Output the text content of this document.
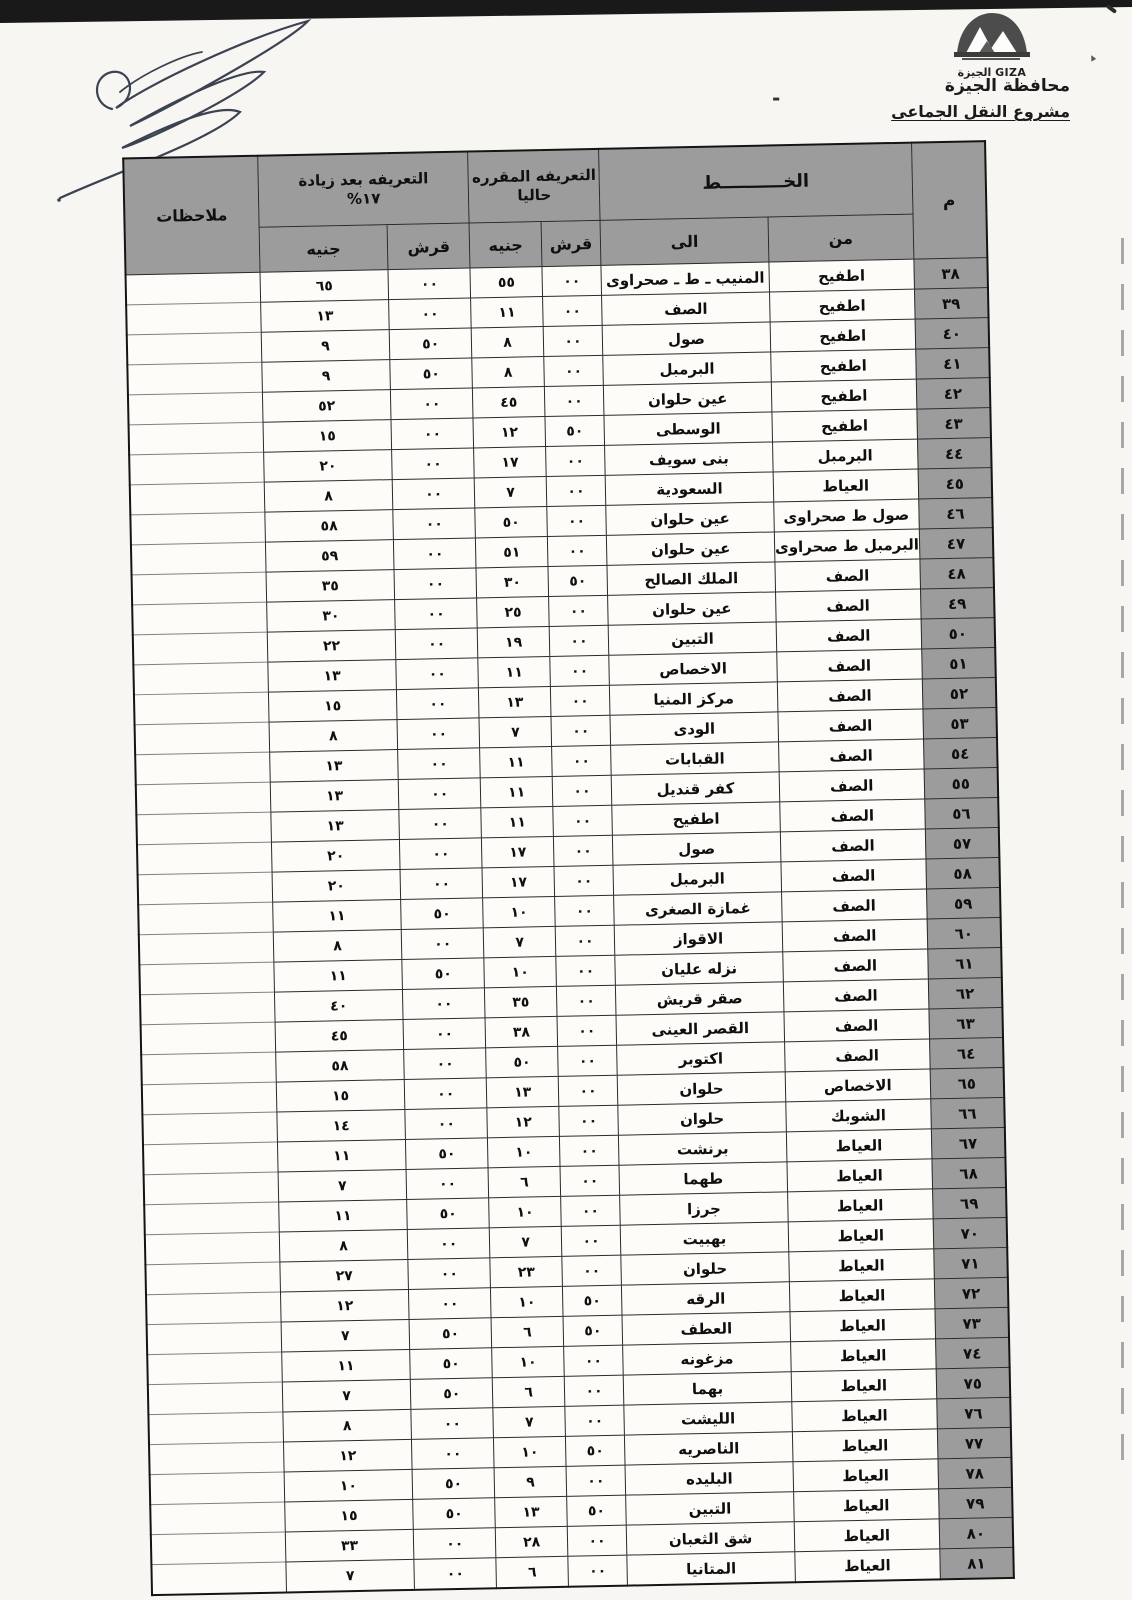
الجيزة GIZA
محافظة الجيزة
مشروع النقل الجماعى
-
م	الخــــــــــط		التعريفه المقرره حاليا		التعريفه بعد زيادة
%١٧		ملاحظات
	من	الى	قرش	جنيه	قرش	جنيه	
٣٨	اطفيح	المنيب ـ ط ـ صحراوى	٠٠	٥٥	٠٠	٦٥	
٣٩	اطفيح	الصف	٠٠	١١	٠٠	١٣	
٤٠	اطفيح	صول	٠٠	٨	٥٠	٩	
٤١	اطفيح	البرمبل	٠٠	٨	٥٠	٩	
٤٢	اطفيح	عين حلوان	٠٠	٤٥	٠٠	٥٢	
٤٣	اطفيح	الوسطى	٥٠	١٢	٠٠	١٥	
٤٤	البرمبل	بنى سويف	٠٠	١٧	٠٠	٢٠	
٤٥	العياط	السعودية	٠٠	٧	٠٠	٨	
٤٦	صول ط صحراوى	عين حلوان	٠٠	٥٠	٠٠	٥٨	
٤٧	البرمبل ط صحراوى	عين حلوان	٠٠	٥١	٠٠	٥٩	
٤٨	الصف	الملك الصالح	٥٠	٣٠	٠٠	٣٥	
٤٩	الصف	عين حلوان	٠٠	٢٥	٠٠	٣٠	
٥٠	الصف	التبين	٠٠	١٩	٠٠	٢٢	
٥١	الصف	الاخصاص	٠٠	١١	٠٠	١٣	
٥٢	الصف	مركز المنيا	٠٠	١٣	٠٠	١٥	
٥٣	الصف	الودى	٠٠	٧	٠٠	٨	
٥٤	الصف	القبابات	٠٠	١١	٠٠	١٣	
٥٥	الصف	كفر قنديل	٠٠	١١	٠٠	١٣	
٥٦	الصف	اطفيح	٠٠	١١	٠٠	١٣	
٥٧	الصف	صول	٠٠	١٧	٠٠	٢٠	
٥٨	الصف	البرمبل	٠٠	١٧	٠٠	٢٠	
٥٩	الصف	غمازة الصغرى	٠٠	١٠	٥٠	١١	
٦٠	الصف	الاقواز	٠٠	٧	٠٠	٨	
٦١	الصف	نزله عليان	٠٠	١٠	٥٠	١١	
٦٢	الصف	صقر قريش	٠٠	٣٥	٠٠	٤٠	
٦٣	الصف	القصر العينى	٠٠	٣٨	٠٠	٤٥	
٦٤	الصف	اكتوبر	٠٠	٥٠	٠٠	٥٨	
٦٥	الاخصاص	حلوان	٠٠	١٣	٠٠	١٥	
٦٦	الشوبك	حلوان	٠٠	١٢	٠٠	١٤	
٦٧	العياط	برنشت	٠٠	١٠	٥٠	١١	
٦٨	العياط	طهما	٠٠	٦	٠٠	٧	
٦٩	العياط	جرزا	٠٠	١٠	٥٠	١١	
٧٠	العياط	بهبيت	٠٠	٧	٠٠	٨	
٧١	العياط	حلوان	٠٠	٢٣	٠٠	٢٧	
٧٢	العياط	الرقه	٥٠	١٠	٠٠	١٢	
٧٣	العياط	العطف	٥٠	٦	٥٠	٧	
٧٤	العياط	مزغونه	٠٠	١٠	٥٠	١١	
٧٥	العياط	بهما	٠٠	٦	٥٠	٧	
٧٦	العياط	الليشت	٠٠	٧	٠٠	٨	
٧٧	العياط	الناصريه	٥٠	١٠	٠٠	١٢	
٧٨	العياط	البليده	٠٠	٩	٥٠	١٠	
٧٩	العياط	التبين	٥٠	١٣	٥٠	١٥	
٨٠	العياط	شق الثعبان	٠٠	٢٨	٠٠	٣٣	
٨١	العياط	المتانيا	٠٠	٦	٠٠	٧	
